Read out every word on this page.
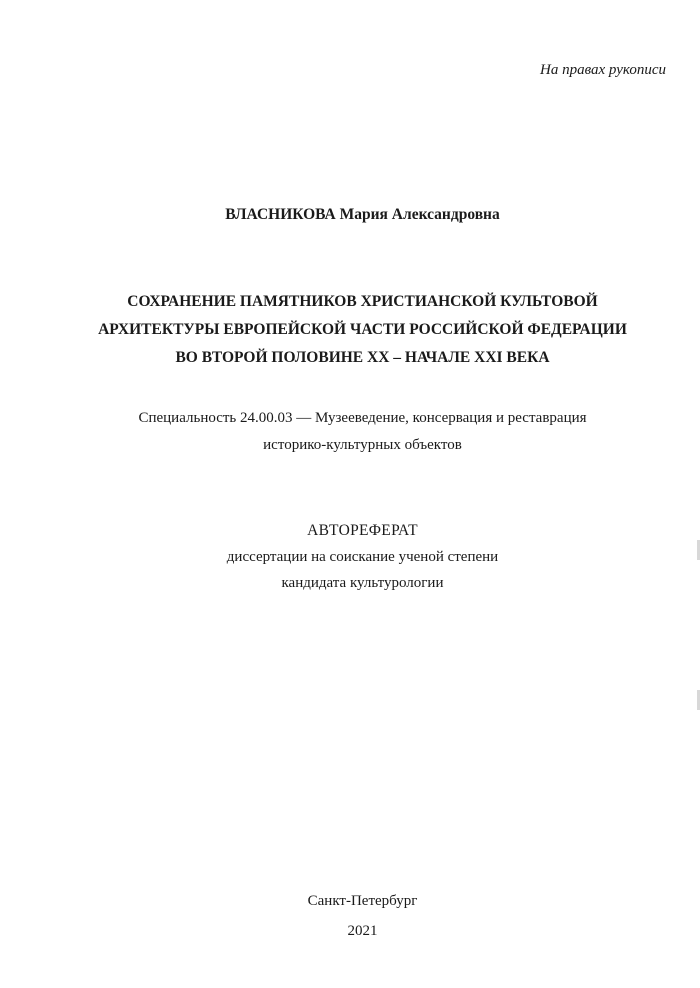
На правах рукописи
ВЛАСНИКОВА Мария Александровна
СОХРАНЕНИЕ ПАМЯТНИКОВ ХРИСТИАНСКОЙ КУЛЬТОВОЙ
АРХИТЕКТУРЫ ЕВРОПЕЙСКОЙ ЧАСТИ РОССИЙСКОЙ ФЕДЕРАЦИИ
ВО ВТОРОЙ ПОЛОВИНЕ XX – НАЧАЛЕ XXI ВЕКА
Специальность 24.00.03 — Музееведение, консервация и реставрация
историко-культурных объектов
АВТОРЕФЕРАТ
диссертации на соискание ученой степени
кандидата культурологии
Санкт-Петербург
2021
